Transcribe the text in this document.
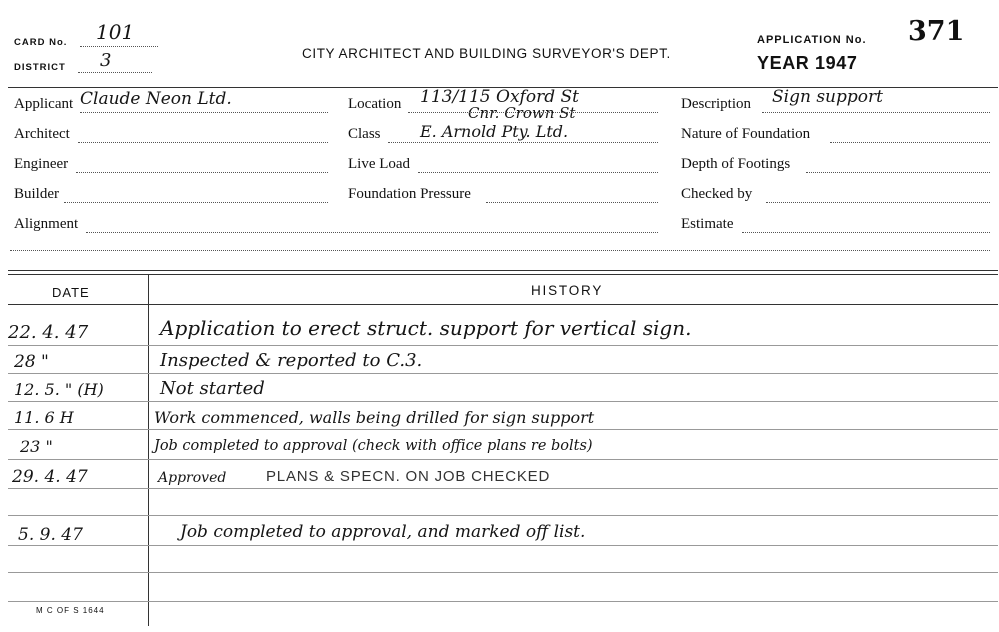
CARD No. 101
DISTRICT 3	CITY ARCHITECT AND BUILDING SURVEYOR'S DEPT.
APPLICATION No. 371
YEAR 1947
Applicant Claude Neon Ltd.
Architect
Engineer
Builder
Alignment
Location 113/115 Oxford St
Cnr. Crown St
Class E. Arnold Pty. Ltd.
Live Load
Foundation Pressure
Description Sign support
Nature of Foundation
Depth of Footings
Checked by
Estimate
DATE	HISTORY
22. 4. 47	Application to erect struct. support for vertical sign.
28 "	Inspected & reported to C.3.
12. 5. " (H)	Not started
11. 6 H	Work commenced, walls being drilled for sign support
23 "	Job completed to approval (check with office plans re bolts)
29. 4. 47	Approved	PLANS & SPECN. ON JOB CHECKED
5. 9. 47	Job completed to approval, and marked off list.
M C OF S 1644
